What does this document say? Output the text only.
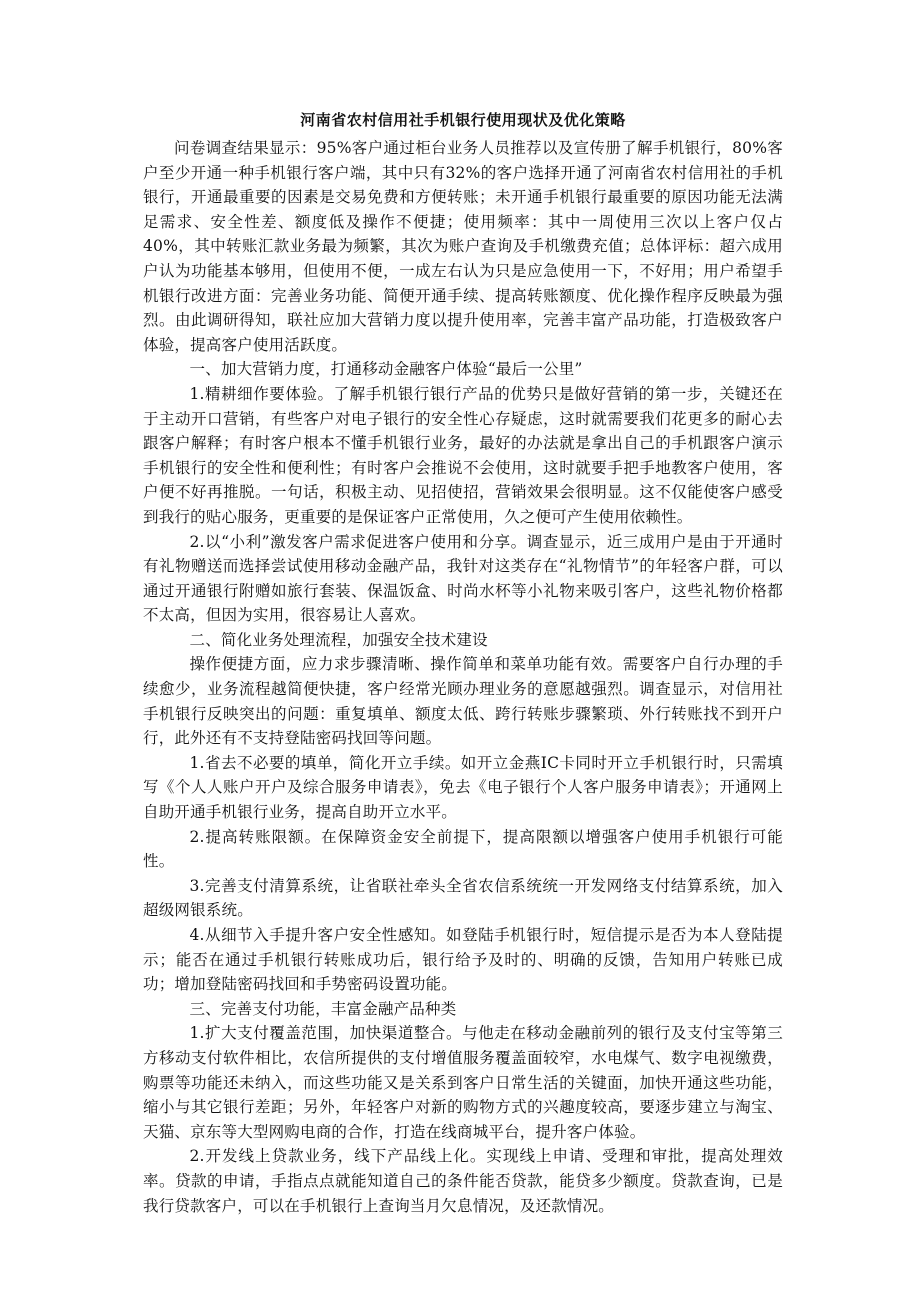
河南省农村信用社手机银行使用现状及优化策略

问卷调查结果显示：95%客户通过柜台业务人员推荐以及宣传册了解手机银行，80%客户至少开通一种手机银行客户端，其中只有32%的客户选择开通了河南省农村信用社的手机银行，开通最重要的因素是交易免费和方便转账；未开通手机银行最重要的原因功能无法满足需求、安全性差、额度低及操作不便捷；使用频率：其中一周使用三次以上客户仅占40%，其中转账汇款业务最为频繁，其次为账户查询及手机缴费充值；总体评标：超六成用户认为功能基本够用，但使用不便，一成左右认为只是应急使用一下，不好用；用户希望手机银行改进方面：完善业务功能、简便开通手续、提高转账额度、优化操作程序反映最为强烈。由此调研得知，联社应加大营销力度以提升使用率，完善丰富产品功能，打造极致客户体验，提高客户使用活跃度。

一、加大营销力度，打通移动金融客户体验“最后一公里”

1.精耕细作要体验。了解手机银行银行产品的优势只是做好营销的第一步，关键还在于主动开口营销，有些客户对电子银行的安全性心存疑虑，这时就需要我们花更多的耐心去跟客户解释；有时客户根本不懂手机银行业务，最好的办法就是拿出自己的手机跟客户演示手机银行的安全性和便利性；有时客户会推说不会使用，这时就要手把手地教客户使用，客户便不好再推脱。一句话，积极主动、见招使招，营销效果会很明显。这不仅能使客户感受到我行的贴心服务，更重要的是保证客户正常使用，久之便可产生使用依赖性。

2.以“小利”激发客户需求促进客户使用和分享。调查显示，近三成用户是由于开通时有礼物赠送而选择尝试使用移动金融产品，我针对这类存在“礼物情节”的年轻客户群，可以通过开通银行附赠如旅行套装、保温饭盒、时尚水杯等小礼物来吸引客户，这些礼物价格都不太高，但因为实用，很容易让人喜欢。

二、简化业务处理流程，加强安全技术建设

操作便捷方面，应力求步骤清晰、操作简单和菜单功能有效。需要客户自行办理的手续愈少，业务流程越简便快捷，客户经常光顾办理业务的意愿越强烈。调查显示，对信用社手机银行反映突出的问题：重复填单、额度太低、跨行转账步骤繁琐、外行转账找不到开户行，此外还有不支持登陆密码找回等问题。

1.省去不必要的填单，简化开立手续。如开立金燕IC卡同时开立手机银行时，只需填写《个人人账户开户及综合服务申请表》，免去《电子银行个人客户服务申请表》；开通网上自助开通手机银行业务，提高自助开立水平。

2.提高转账限额。在保障资金安全前提下，提高限额以增强客户使用手机银行可能性。

3.完善支付清算系统，让省联社牵头全省农信系统统一开发网络支付结算系统，加入超级网银系统。

4.从细节入手提升客户安全性感知。如登陆手机银行时，短信提示是否为本人登陆提示；能否在通过手机银行转账成功后，银行给予及时的、明确的反馈，告知用户转账已成功；增加登陆密码找回和手势密码设置功能。

三、完善支付功能，丰富金融产品种类

1.扩大支付覆盖范围，加快渠道整合。与他走在移动金融前列的银行及支付宝等第三方移动支付软件相比，农信所提供的支付增值服务覆盖面较窄，水电煤气、数字电视缴费，购票等功能还未纳入，而这些功能又是关系到客户日常生活的关键面，加快开通这些功能，缩小与其它银行差距；另外，年轻客户对新的购物方式的兴趣度较高，要逐步建立与淘宝、天猫、京东等大型网购电商的合作，打造在线商城平台，提升客户体验。

2.开发线上贷款业务，线下产品线上化。实现线上申请、受理和审批，提高处理效率。贷款的申请，手指点点就能知道自己的条件能否贷款，能贷多少额度。贷款查询，已是我行贷款客户，可以在手机银行上查询当月欠息情况，及还款情况。
